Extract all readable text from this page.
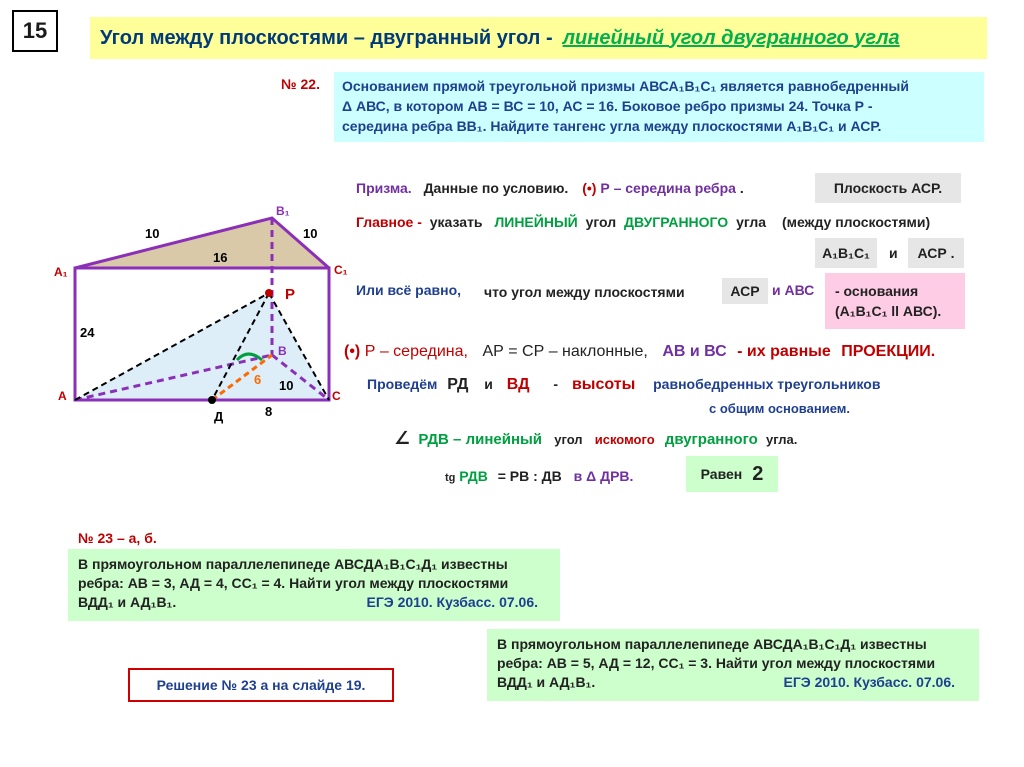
15	Угол между плоскостями – двугранный угол - линейный угол двугранного угла
№ 22. Основанием прямой треугольной призмы АВСА₁В₁С₁ является равнобедренный
Δ АВС, в котором АВ = ВС = 10, АС = 16. Боковое ребро призмы 24. Точка Р -
середина ребра ВВ₁. Найдите тангенс угла между плоскостями А₁В₁С₁ и АСР.
А₁
В₁
С₁
А
В
С
Д
Р
10	10
16
24
6 10
8
Призма. Данные по условию. (•) Р – середина ребра .	Плоскость АСР.
Главное - указать ЛИНЕЙНЫЙ угол ДВУГРАННОГО угла (между плоскостями)
А₁В₁С₁	и	АСР .
Или всё равно, что угол между плоскостями	АСР и АВС - основания
(А₁В₁С₁ ll АВС).
(•) Р – середина, АР = СР – наклонные, АВ и ВС - их равные ПРОЕКЦИИ.
Проведём РД и ВД - высоты равнобедренных треугольников
с общим основанием.
∠ РДВ – линейный угол искомого двугранного угла.
tg РДВ = РВ : ДВ в Δ ДРВ.	Равен 2
№ 23 – а, б.
В прямоугольном параллелепипеде АВСДА₁В₁С₁Д₁ известны
ребра: АВ = 3, АД = 4, СС₁ = 4. Найти угол между плоскостями
ВДД₁ и АД₁В₁.	ЕГЭ 2010. Кузбасс. 07.06.
В прямоугольном параллелепипеде АВСДА₁В₁С₁Д₁ известны
ребра: АВ = 5, АД = 12, СС₁ = 3. Найти угол между плоскостями
ВДД₁ и АД₁В₁.	ЕГЭ 2010. Кузбасс. 07.06.
Решение № 23 а на слайде 19.
